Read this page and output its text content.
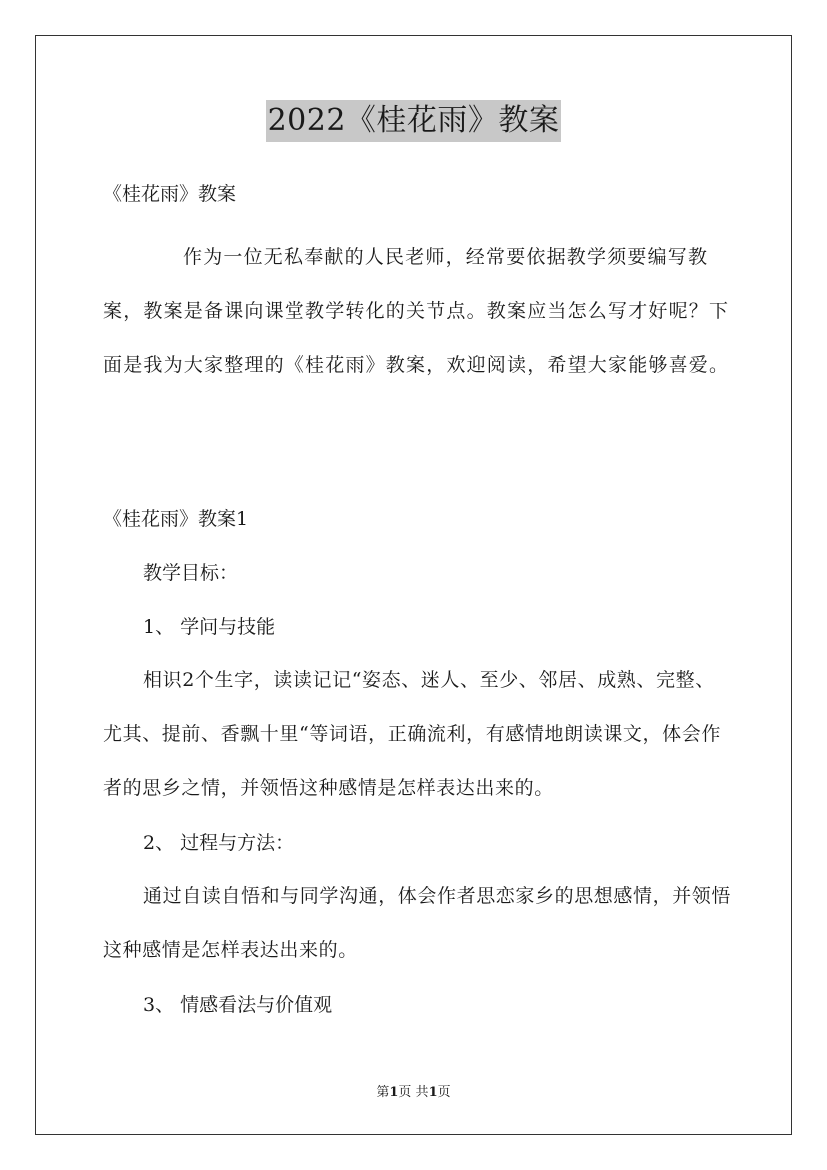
2022《桂花雨》教案

《桂花雨》教案

作为一位无私奉献的人民老师，经常要依据教学须要编写教案，教案是备课向课堂教学转化的关节点。教案应当怎么写才好呢？下面是我为大家整理的《桂花雨》教案，欢迎阅读，希望大家能够喜爱。

《桂花雨》教案1

教学目标：

1、 学问与技能

相识2个生字，读读记记“姿态、迷人、至少、邻居、成熟、完整、尤其、提前、香飘十里“等词语，正确流利，有感情地朗读课文，体会作者的思乡之情，并领悟这种感情是怎样表达出来的。

2、 过程与方法：

通过自读自悟和与同学沟通，体会作者思恋家乡的思想感情，并领悟这种感情是怎样表达出来的。

3、 情感看法与价值观

第1页 共1页
